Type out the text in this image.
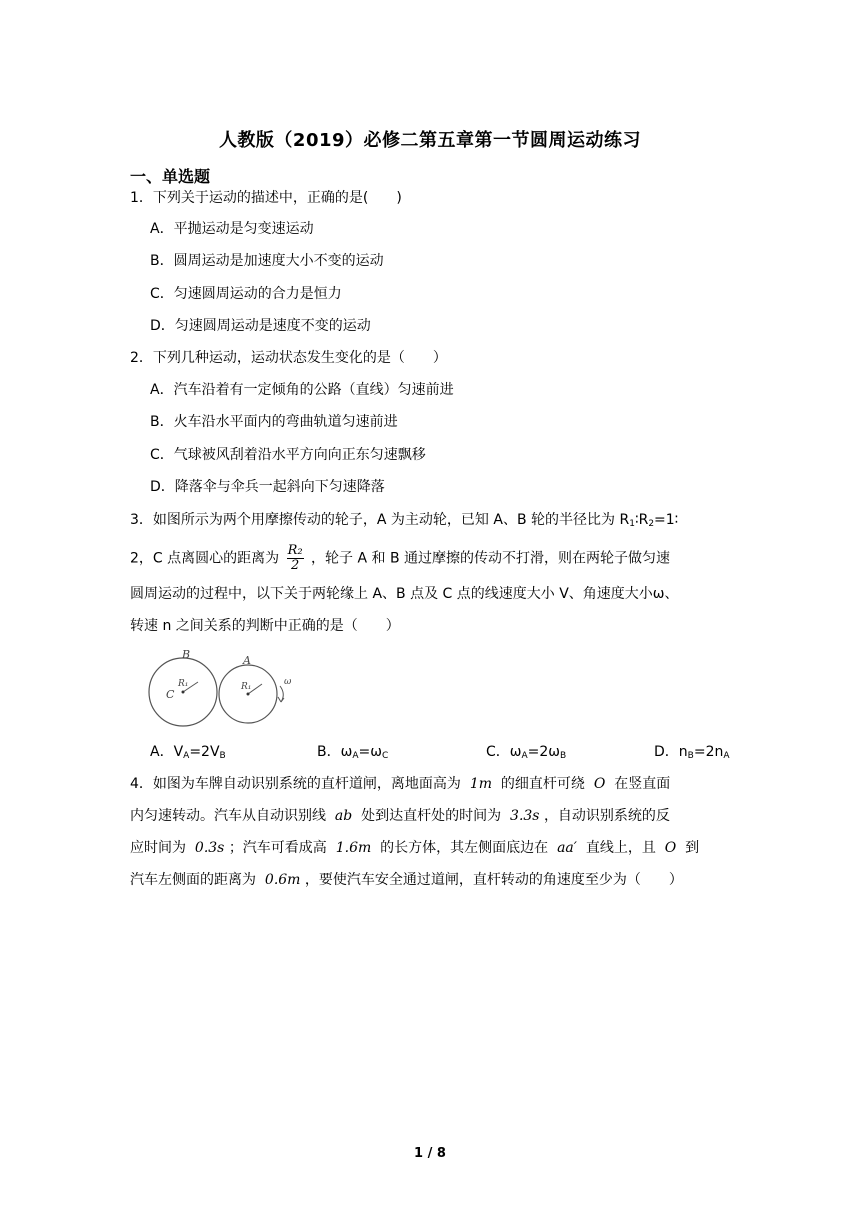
人教版（2019）必修二第五章第一节圆周运动练习
一、单选题
1．下列关于运动的描述中，正确的是(　　)
A．平抛运动是匀变速运动
B．圆周运动是加速度大小不变的运动
C．匀速圆周运动的合力是恒力
D．匀速圆周运动是速度不变的运动
2．下列几种运动，运动状态发生变化的是（　　）
A．汽车沿着有一定倾角的公路（直线）匀速前进
B．火车沿水平面内的弯曲轨道匀速前进
C．气球被风刮着沿水平方向向正东匀速飘移
D．降落伞与伞兵一起斜向下匀速降落
3．如图所示为两个用摩擦传动的轮子，A 为主动轮，已知 A、B 轮的半径比为 $R_1∶R_2=1∶$
2，C 点离圆心的距离为 $\frac{\text{R₂}}{2}$ ，轮子 A 和 B 通过摩擦的传动不打滑，则在两轮子做匀速
圆周运动的过程中，以下关于两轮缘上 A、B 点及 C 点的线速度大小 V、角速度大小ω、
转速 n 之间关系的判断中正确的是（　　）
B	A
C
R₁	R₁	ω
A．$V_A=2V_B$	B．$\omega_A=\omega_C$	C．$\omega_A=2\omega_B$	D．$n_B=2n_A$
4．如图为车牌自动识别系统的直杆道闸，离地面高为 1m 的细直杆可绕 O 在竖直面
内匀速转动。汽车从自动识别线 ab 处到达直杆处的时间为 3.3s ，自动识别系统的反
应时间为 0.3s ；汽车可看成高 1.6m 的长方体，其左侧面底边在 aa′ 直线上，且 O 到
汽车左侧面的距离为 0.6m ，要使汽车安全通过道闸，直杆转动的角速度至少为（　　）
1 / 8
